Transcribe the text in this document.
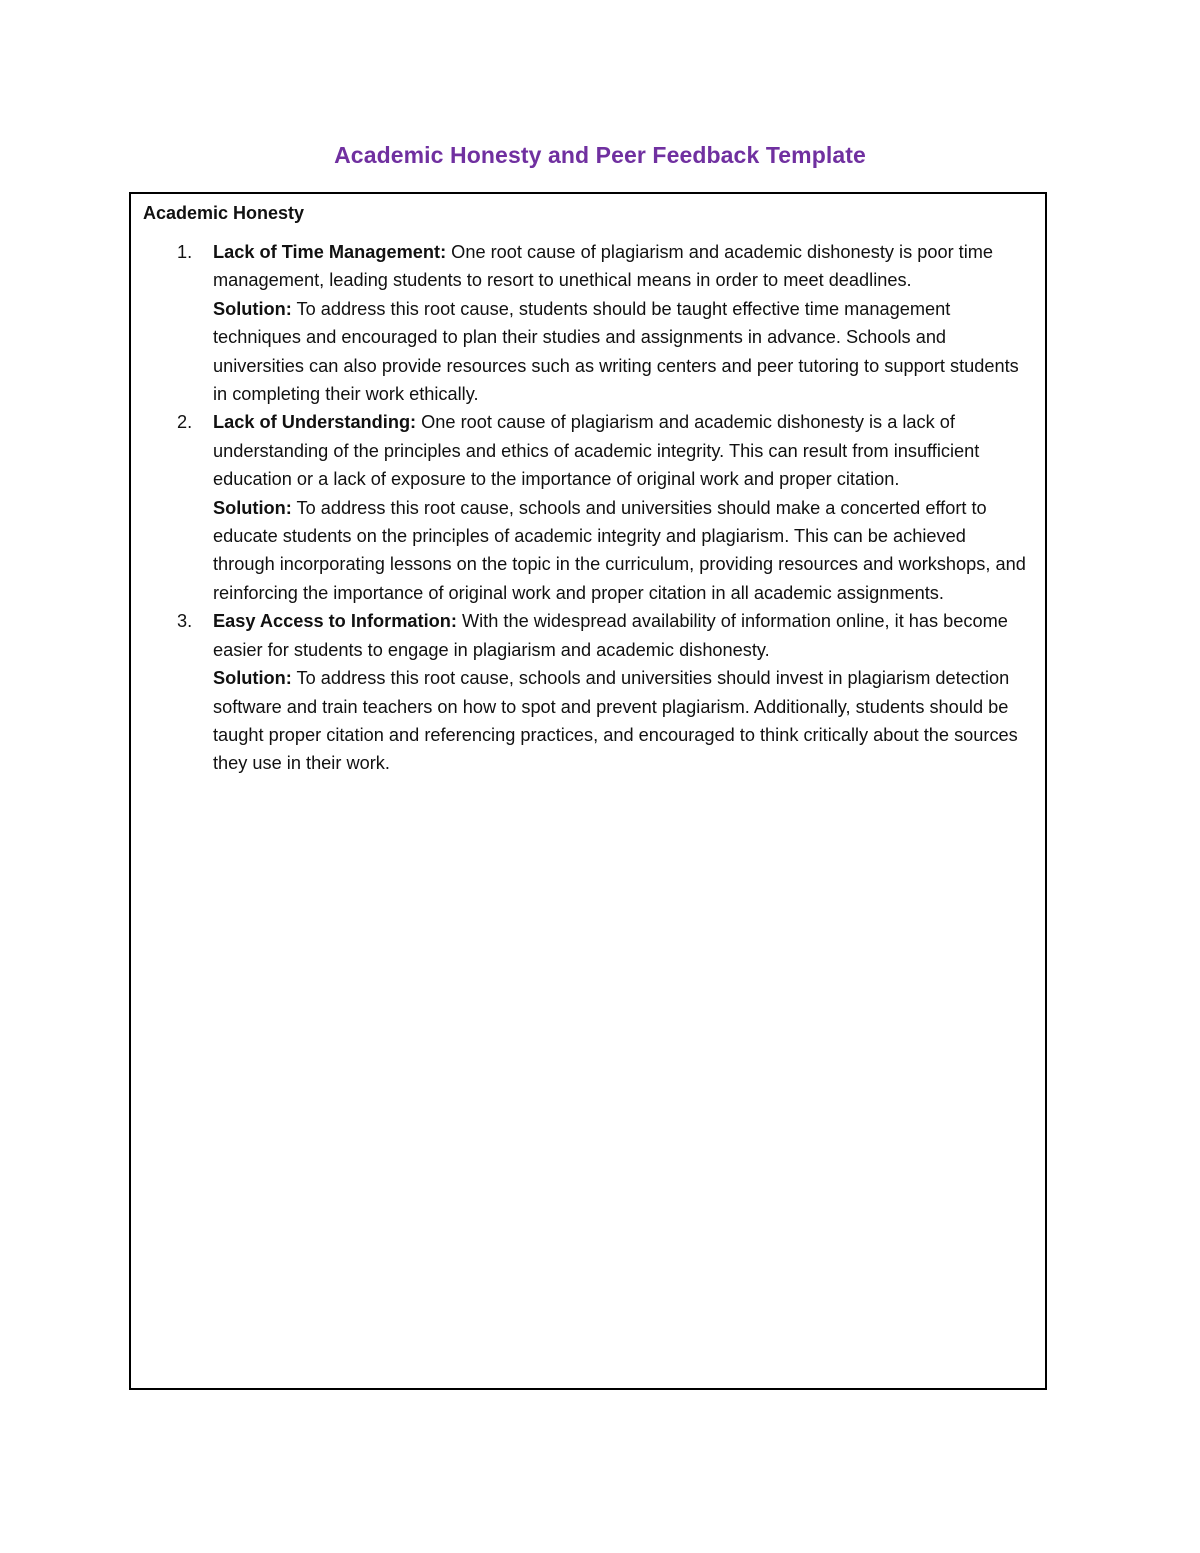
Academic Honesty and Peer Feedback Template
Academic Honesty
1. Lack of Time Management: One root cause of plagiarism and academic dishonesty is poor time management, leading students to resort to unethical means in order to meet deadlines.
Solution: To address this root cause, students should be taught effective time management techniques and encouraged to plan their studies and assignments in advance. Schools and universities can also provide resources such as writing centers and peer tutoring to support students in completing their work ethically.
2. Lack of Understanding: One root cause of plagiarism and academic dishonesty is a lack of understanding of the principles and ethics of academic integrity. This can result from insufficient education or a lack of exposure to the importance of original work and proper citation.
Solution: To address this root cause, schools and universities should make a concerted effort to educate students on the principles of academic integrity and plagiarism. This can be achieved through incorporating lessons on the topic in the curriculum, providing resources and workshops, and reinforcing the importance of original work and proper citation in all academic assignments.
3. Easy Access to Information: With the widespread availability of information online, it has become easier for students to engage in plagiarism and academic dishonesty.
Solution: To address this root cause, schools and universities should invest in plagiarism detection software and train teachers on how to spot and prevent plagiarism. Additionally, students should be taught proper citation and referencing practices, and encouraged to think critically about the sources they use in their work.
